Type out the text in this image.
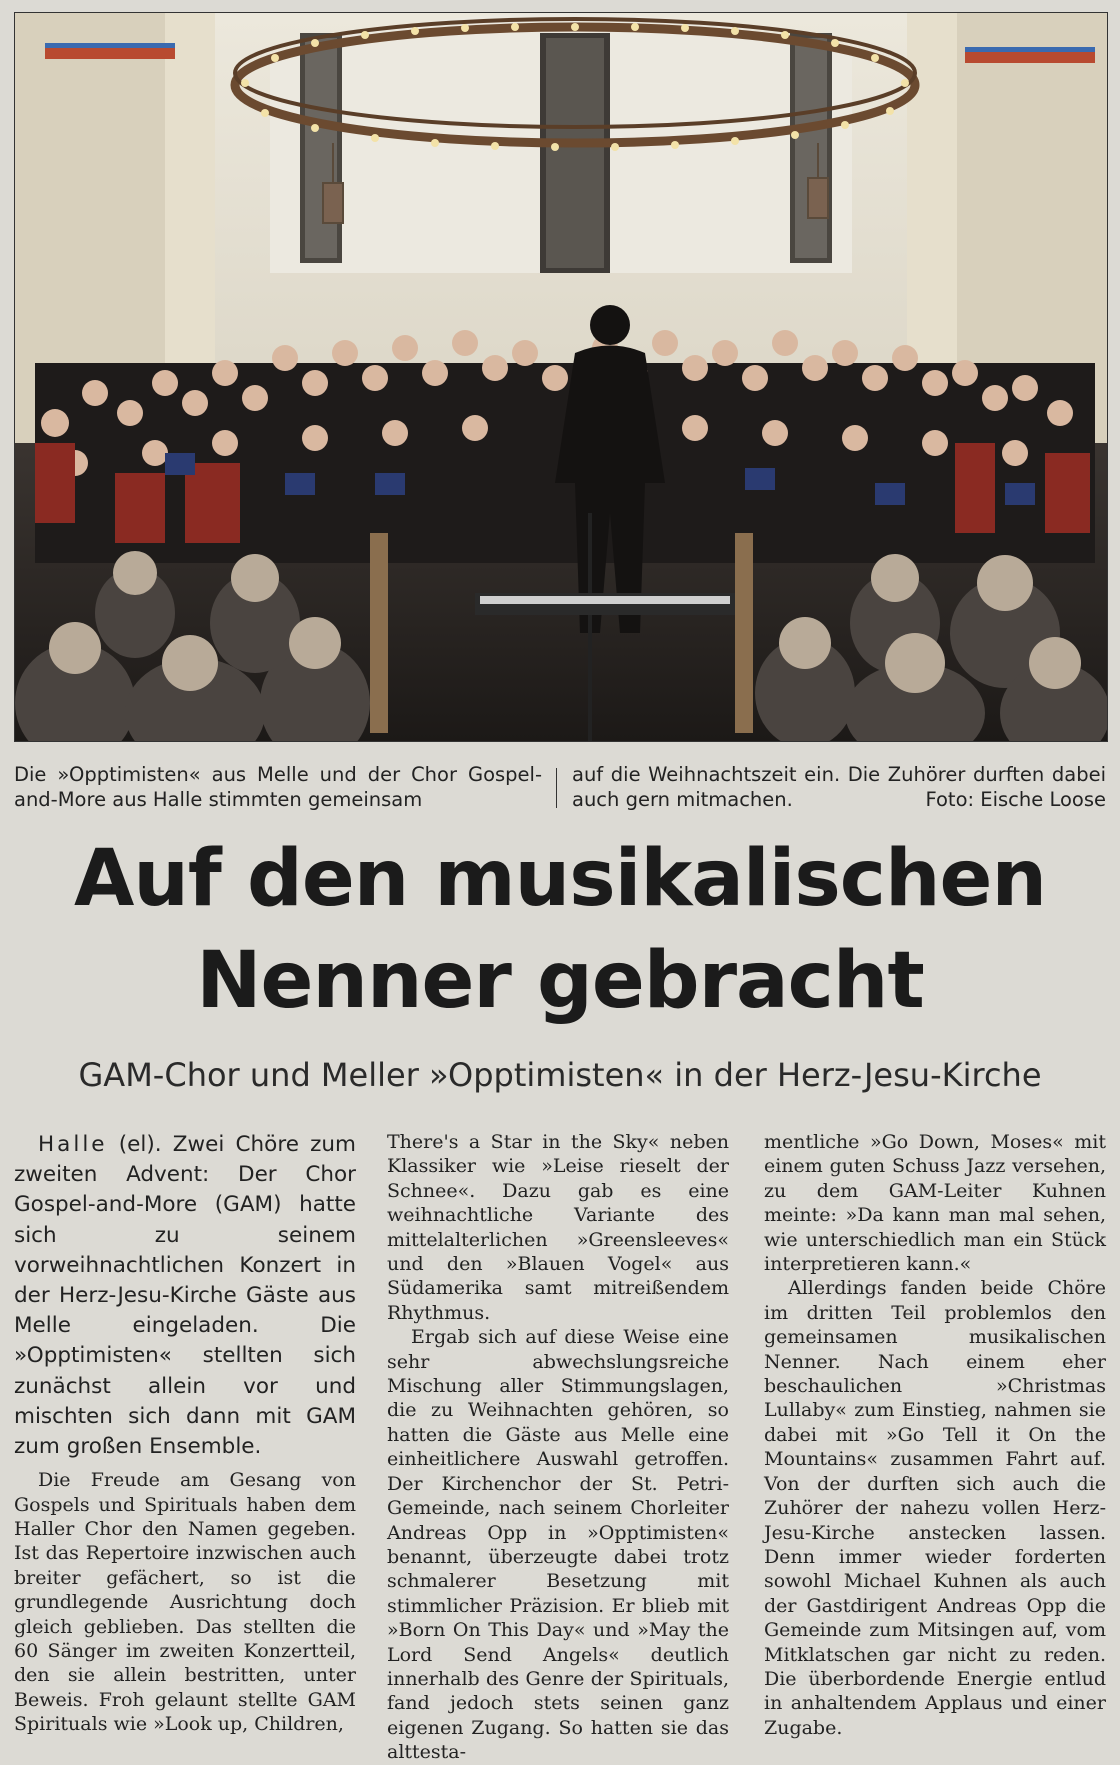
Die »Opptimisten« aus Melle und der Chor Gospel-and-More aus Halle stimmten gemeinsam
auf die Weihnachtszeit ein. Die Zuhörer durften dabei auch gern mitmachen.	Foto: Eische Loose
Auf den musikalischen
Nenner gebracht
GAM-Chor und Meller »Opptimisten« in der Herz-Jesu-Kirche

Halle (el). Zwei Chöre zum zweiten Advent: Der Chor Gospel-and-More (GAM) hatte sich zu seinem vorweihnachtlichen Konzert in der Herz-Jesu-Kirche Gäste aus Melle eingeladen. Die »Opptimisten« stellten sich zunächst allein vor und mischten sich dann mit GAM zum großen Ensemble.

Die Freude am Gesang von Gospels und Spirituals haben dem Haller Chor den Namen gegeben. Ist das Repertoire inzwischen auch breiter gefächert, so ist die grundlegende Ausrichtung doch gleich geblieben. Das stellten die 60 Sänger im zweiten Konzertteil, den sie allein bestritten, unter Beweis. Froh gelaunt stellte GAM Spirituals wie »Look up, Children,

There's a Star in the Sky« neben Klassiker wie »Leise rieselt der Schnee«. Dazu gab es eine weihnachtliche Variante des mittelalterlichen »Greensleeves« und den »Blauen Vogel« aus Südamerika samt mitreißendem Rhythmus.

Ergab sich auf diese Weise eine sehr abwechslungsreiche Mischung aller Stimmungslagen, die zu Weihnachten gehören, so hatten die Gäste aus Melle eine einheitlichere Auswahl getroffen. Der Kirchenchor der St. Petri-Gemeinde, nach seinem Chorleiter Andreas Opp in »Opptimisten« benannt, überzeugte dabei trotz schmalerer Besetzung mit stimmlicher Präzision. Er blieb mit »Born On This Day« und »May the Lord Send Angels« deutlich innerhalb des Genre der Spirituals, fand jedoch stets seinen ganz eigenen Zugang. So hatten sie das alttesta-

mentliche »Go Down, Moses« mit einem guten Schuss Jazz versehen, zu dem GAM-Leiter Kuhnen meinte: »Da kann man mal sehen, wie unterschiedlich man ein Stück interpretieren kann.«

Allerdings fanden beide Chöre im dritten Teil problemlos den gemeinsamen musikalischen Nenner. Nach einem eher beschaulichen »Christmas Lullaby« zum Einstieg, nahmen sie dabei mit »Go Tell it On the Mountains« zusammen Fahrt auf. Von der durften sich auch die Zuhörer der nahezu vollen Herz-Jesu-Kirche anstecken lassen. Denn immer wieder forderten sowohl Michael Kuhnen als auch der Gastdirigent Andreas Opp die Gemeinde zum Mitsingen auf, vom Mitklatschen gar nicht zu reden. Die überbordende Energie entlud in anhaltendem Applaus und einer Zugabe.
